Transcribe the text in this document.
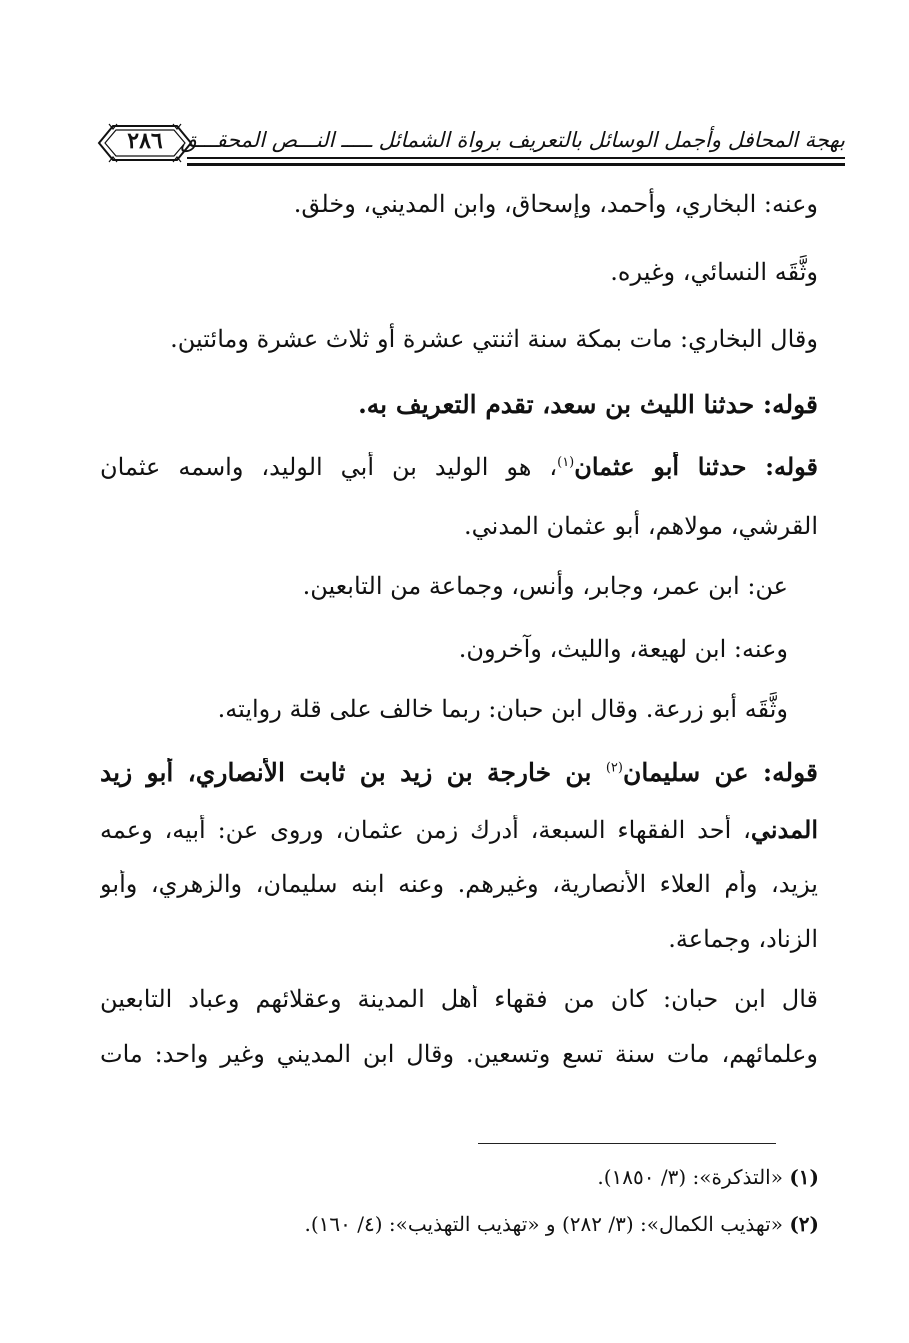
بهجة المحافل وأجمل الوسائل بالتعريف برواة الشمائل ـــــ النـــص المحقـــق
٢٨٦
وعنه: البخاري، وأحمد، وإسحاق، وابن المديني، وخلق.
وثَّقَه النسائي، وغيره.
وقال البخاري: مات بمكة سنة اثنتي عشرة أو ثلاث عشرة ومائتين.
قوله: حدثنا الليث بن سعد، تقدم التعريف به.
قوله: حدثنا أبو عثمان$^{(١)}$، هو الوليد بن أبي الوليد، واسمه عثمان
القرشي، مولاهم، أبو عثمان المدني.
عن: ابن عمر، وجابر، وأنس، وجماعة من التابعين.
وعنه: ابن لهيعة، والليث، وآخرون.
وثَّقَه أبو زرعة. وقال ابن حبان: ربما خالف على قلة روايته.
قوله: عن سليمان$^{(٢)}$ بن خارجة بن زيد بن ثابت الأنصاري، أبو زيد
المدني، أحد الفقهاء السبعة، أدرك زمن عثمان، وروى عن: أبيه، وعمه
يزيد، وأم العلاء الأنصارية، وغيرهم. وعنه ابنه سليمان، والزهري، وأبو
الزناد، وجماعة.
قال ابن حبان: كان من فقهاء أهل المدينة وعقلائهم وعباد التابعين
وعلمائهم، مات سنة تسع وتسعين. وقال ابن المديني وغير واحد: مات
(١) «التذكرة»: (٣/ ١٨٥٠).
(٢) «تهذيب الكمال»: (٣/ ٢٨٢) و «تهذيب التهذيب»: (٤/ ١٦٠).
